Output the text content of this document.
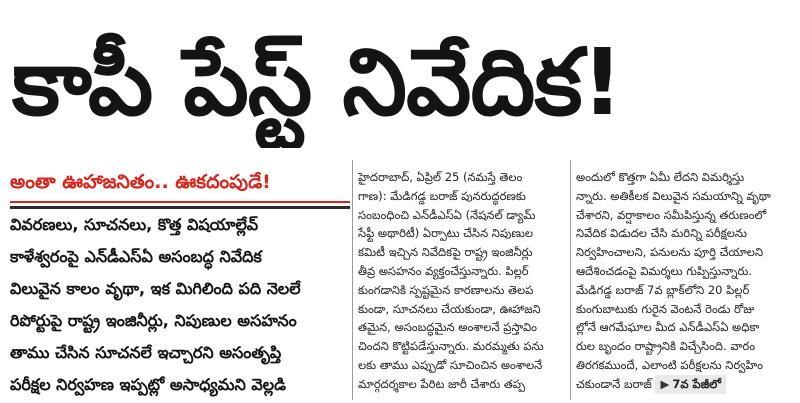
కాపీ పేస్ట్ నివేదిక!
అంతా ఊహాజనితం.. ఊకదంపుడే!
వివరణలు, సూచనలు, కొత్త విషయాల్లేవ్
కాళేశ్వరంపై ఎన్‌డీఎస్‌ఏ అసంబద్ధ నివేదిక
విలువైన కాలం వృథా, ఇక మిగిలింది పది నెలలే
రిపోర్టుపై రాష్ట్ర ఇంజినీర్లు, నిపుణుల అసహనం
తాము చేసిన సూచనలే ఇచ్చారని అసంతృప్తి
పరీక్షల నిర్వహణ ఇప్పట్లో అసాధ్యమని వెల్లడి
హైదరాబాద్‌, ఏప్రిల్‌ 25 (నమస్తే తెలం
గాణ): మేడిగడ్డ బరాజ్‌ పునరుద్ధరణకు
సంబంధించి ఎన్‌డీఎస్‌ఏ (నేషనల్‌ డ్యామ్‌
సేఫ్టీ అథారిటీ) ఏర్పాటు చేసిన నిపుణుల
కమిటీ ఇచ్చిన నివేదికపై రాష్ట్ర ఇంజినీర్లు
తీవ్ర అసహనం వ్యక్తంచేస్తున్నారు. పిల్లర్‌
కుంగడానికి స్పష్టమైన కారణాలను తెలప
కుండా, సూచనలు చేయకుండా, ఊహాజని
తమైన, అసంబద్ధమైన అంశాలనే ప్రస్తావిం
చిందని కొట్టిపడేస్తున్నారు. మరమ్మతు పను
లకు తాము ఎప్పుడో సూచించిన అంశాలనే
మార్గదర్శకాల పేరిట జారీ చేశారు తప్ప
అందులో కొత్తగా ఏమీ లేదని విమర్శిస్తు
న్నారు. అతికీలక విలువైన సమయాన్ని వృథా
చేశారని, వర్షాకాలం సమీపిస్తున్న తరుణంలో
నివేదిక విడుదల చేసి మరిన్ని పరీక్షలను
నిర్వహించాలని, పనులను పూర్తి చేయాలని
ఆదేశించడంపై విమర్శలు గుప్పిస్తున్నారు.
మేడిగడ్డ బరాజ్‌ 7వ బ్లాక్‌లోని 20 పిల్లర్‌
కుంగుబాటుకు గురైన వెంటనే రెండు రోజు
ల్లోనే ఆగమేఘాల మీద ఎన్‌డీఎస్‌ఏ అధికా
రుల బృందం రాష్ట్రానికి విచ్చేసింది. వారం
తిరగకముందే, ఎలాంటి పరీక్షలను నిర్వహిం
చకుండానే బరాజ్‌ ▶ 7వ పేజీలో
